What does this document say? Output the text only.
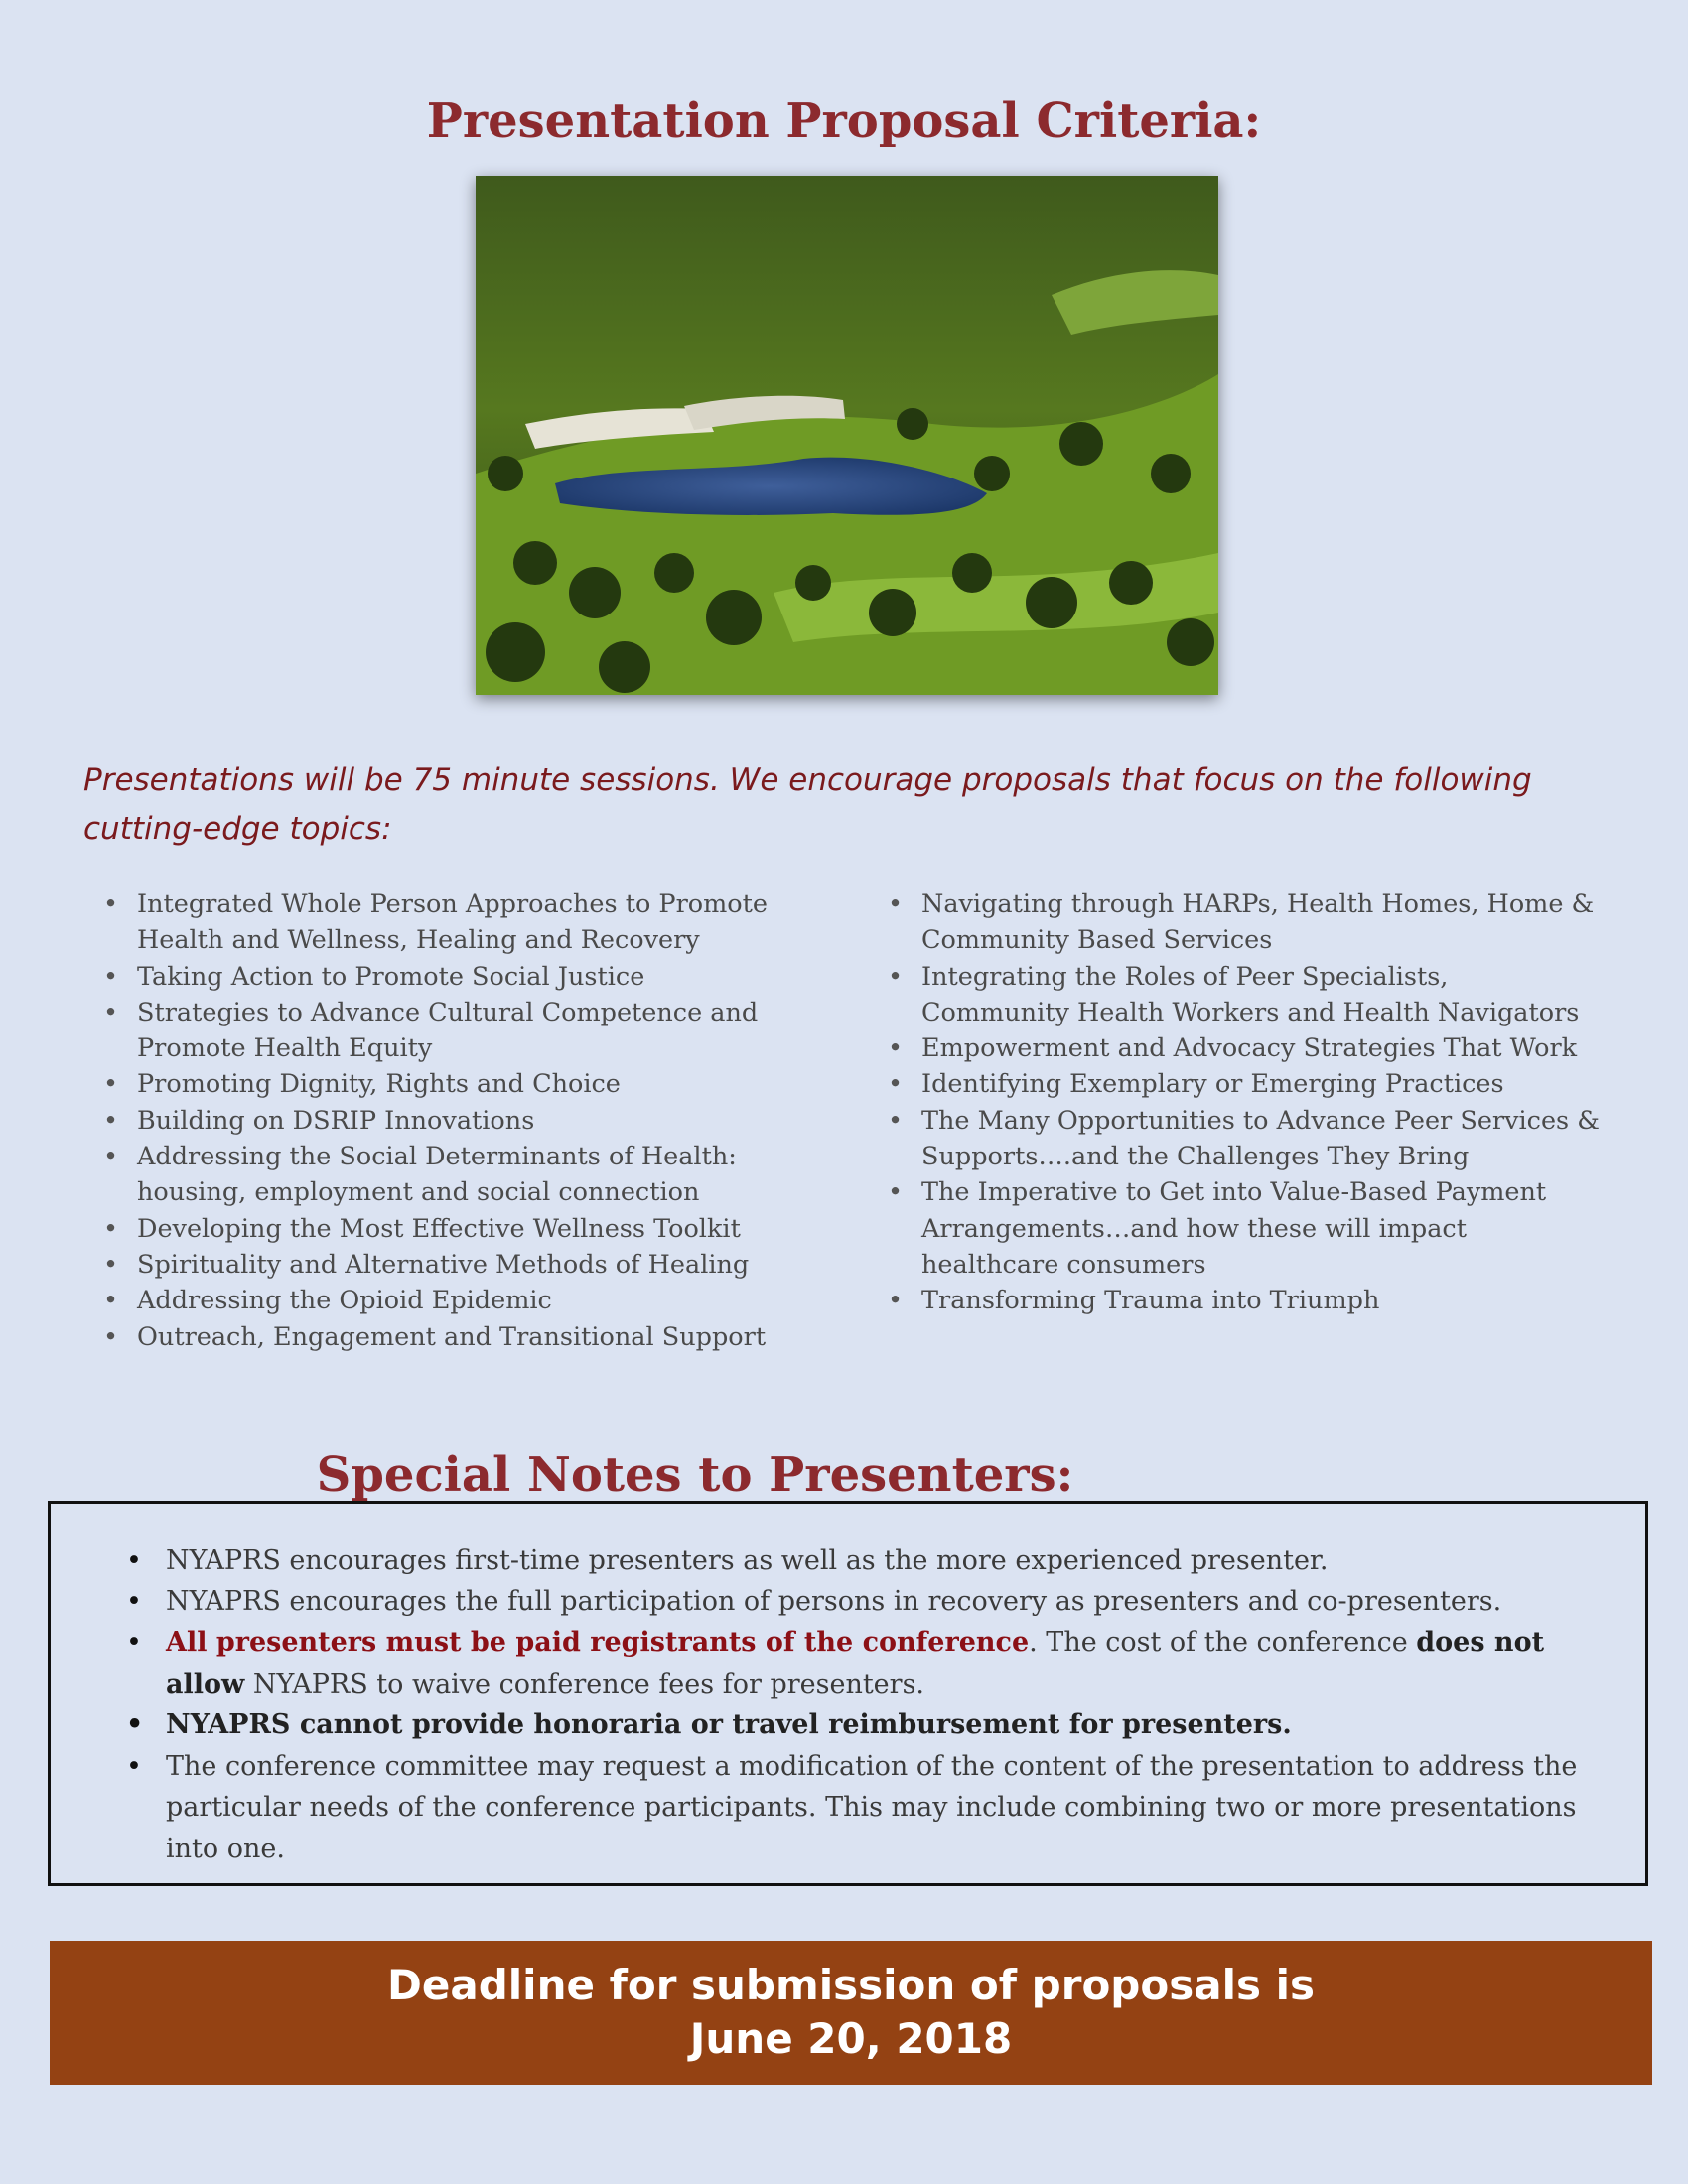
Presentation Proposal Criteria:
Presentations will be 75 minute sessions. We encourage proposals that focus on the following cutting-edge topics:
• Integrated Whole Person Approaches to Promote Health and Wellness, Healing and Recovery
• Taking Action to Promote Social Justice
• Strategies to Advance Cultural Competence and Promote Health Equity
• Promoting Dignity, Rights and Choice
• Building on DSRIP Innovations
• Addressing the Social Determinants of Health: housing, employment and social connection
• Developing the Most Effective Wellness Toolkit
• Spirituality and Alternative Methods of Healing
• Addressing the Opioid Epidemic
• Outreach, Engagement and Transitional Support
• Navigating through HARPs, Health Homes, Home & Community Based Services
• Integrating the Roles of Peer Specialists, Community Health Workers and Health Navigators
• Empowerment and Advocacy Strategies That Work
• Identifying Exemplary or Emerging Practices
• The Many Opportunities to Advance Peer Services & Supports….and the Challenges They Bring
• The Imperative to Get into Value-Based Payment Arrangements…and how these will impact healthcare consumers
• Transforming Trauma into Triumph
Special Notes to Presenters:
• NYAPRS encourages first-time presenters as well as the more experienced presenter.
• NYAPRS encourages the full participation of persons in recovery as presenters and co-presenters.
• All presenters must be paid registrants of the conference. The cost of the conference does not allow NYAPRS to waive conference fees for presenters.
• NYAPRS cannot provide honoraria or travel reimbursement for presenters.
• The conference committee may request a modification of the content of the presentation to address the particular needs of the conference participants. This may include combining two or more presentations into one.
Deadline for submission of proposals is
June 20, 2018
